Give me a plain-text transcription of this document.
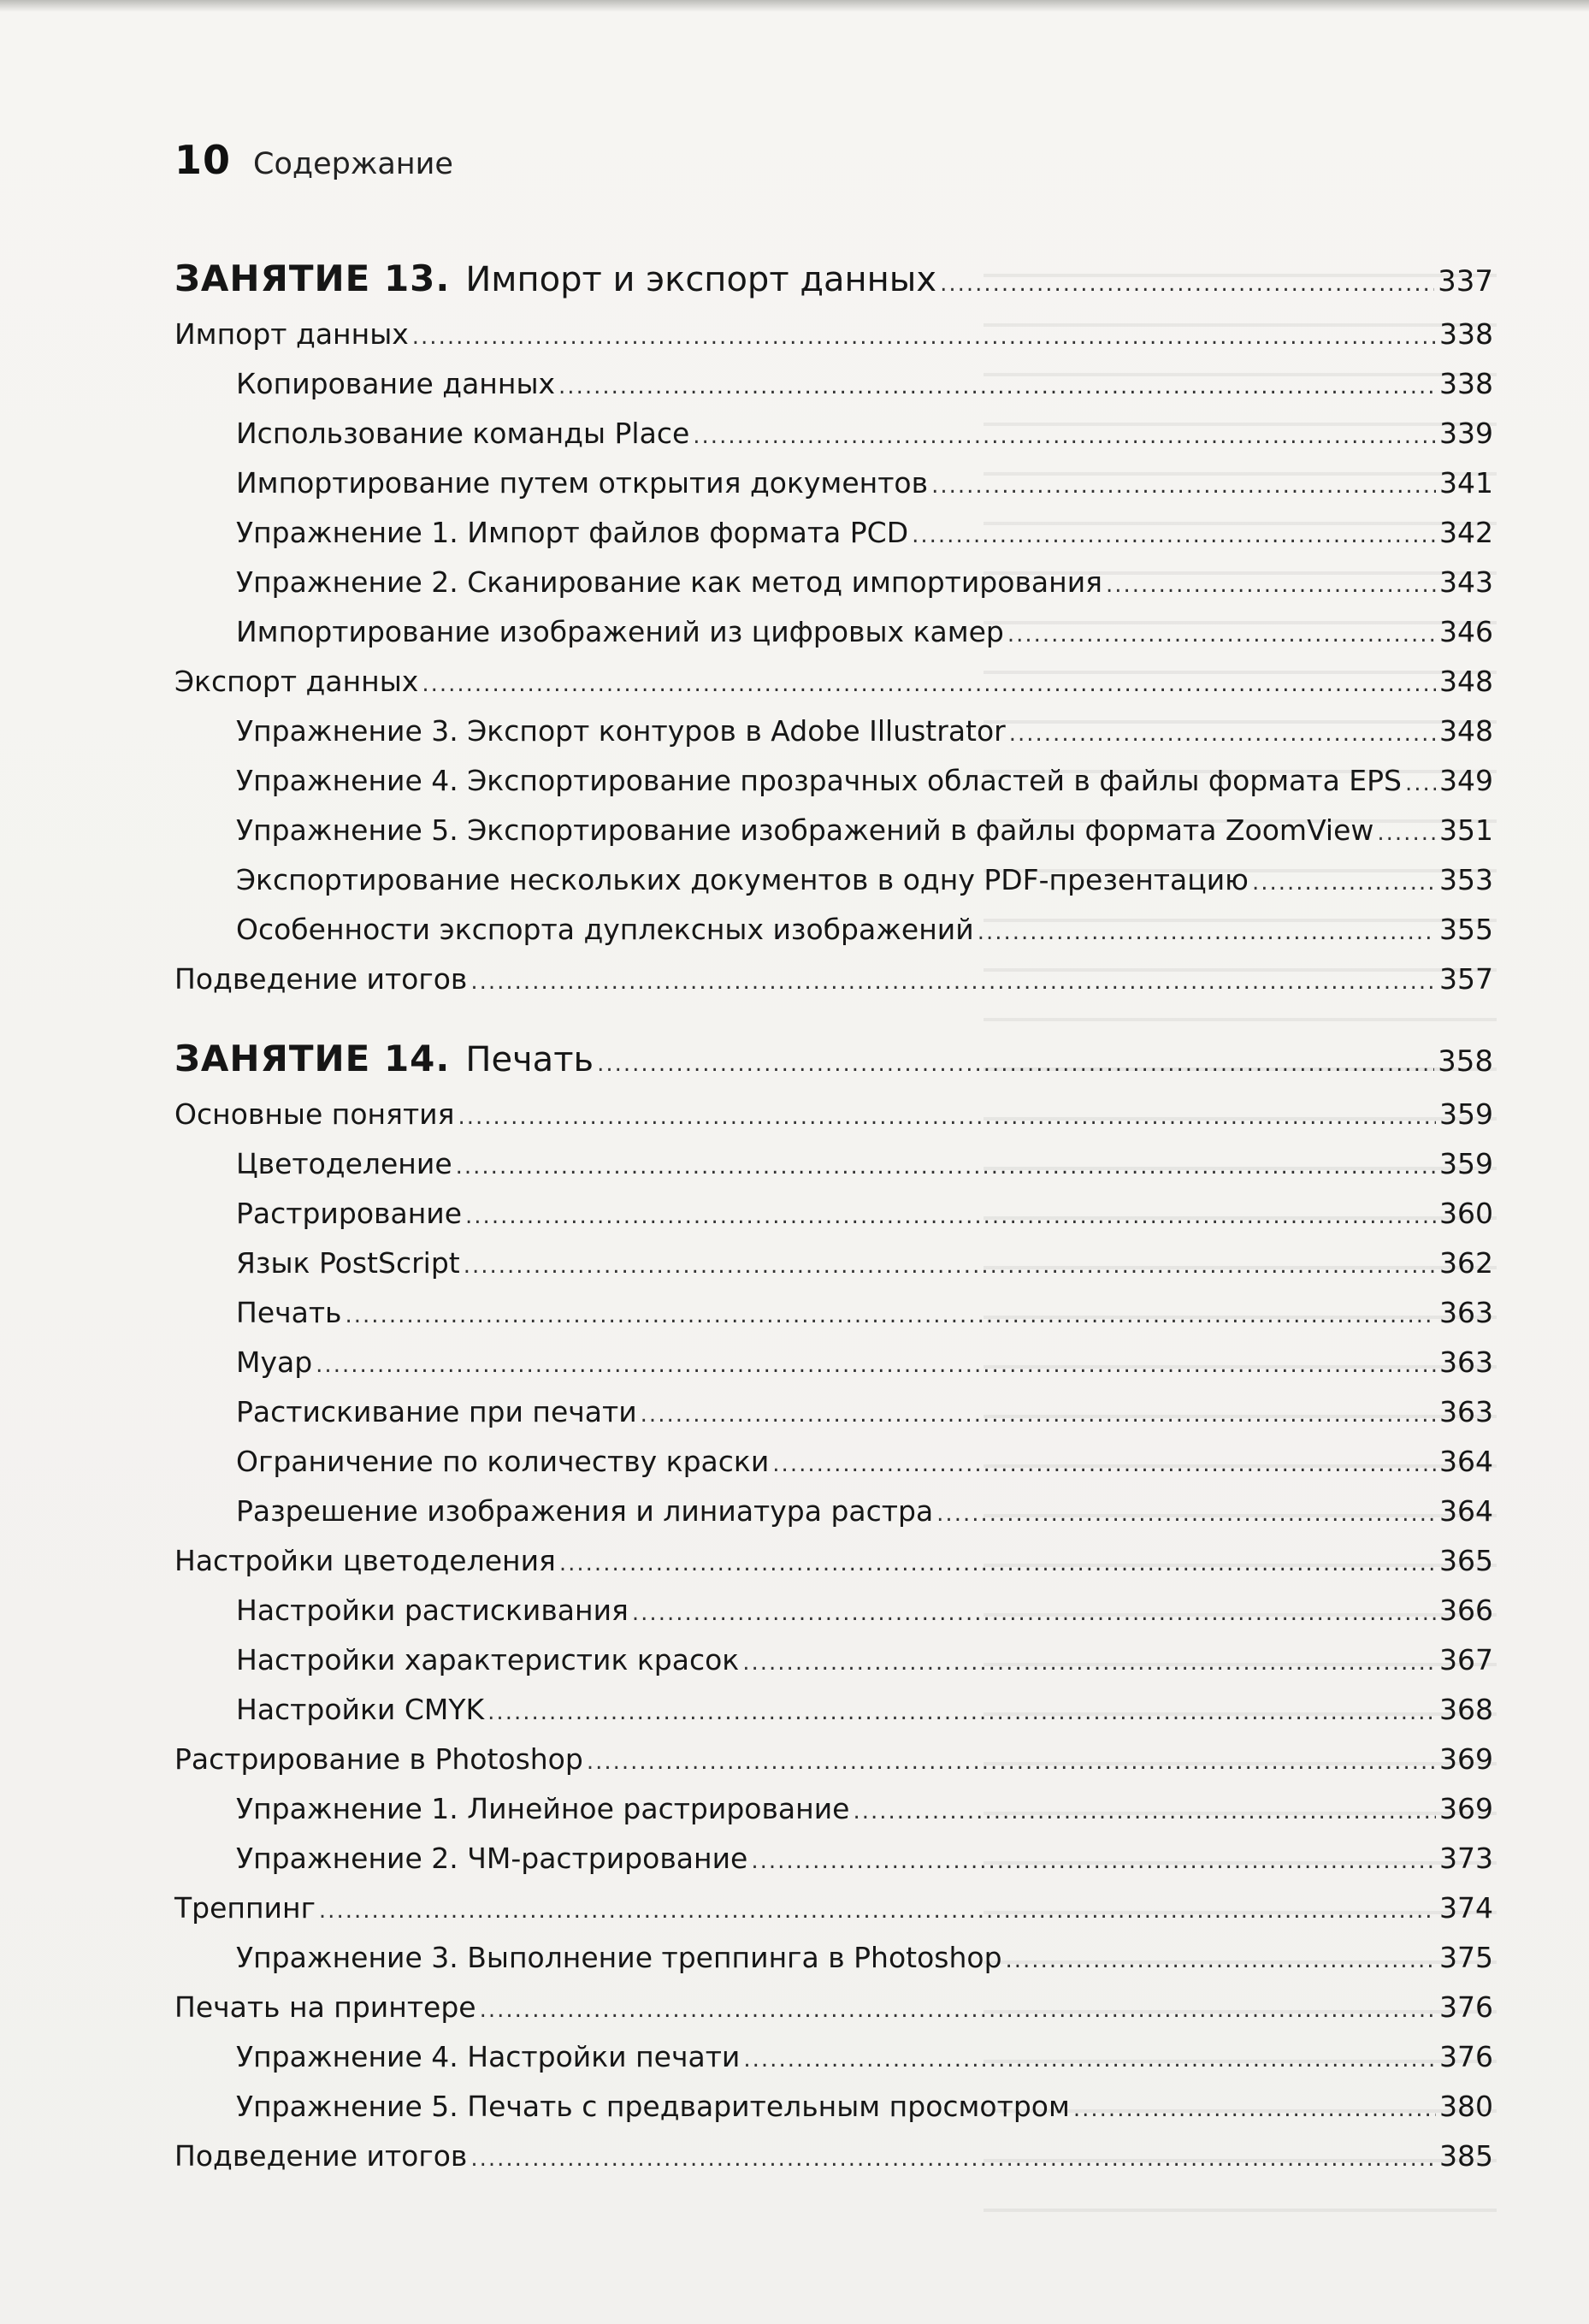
10 Содержание
ЗАНЯТИЕ 13. Импорт и экспорт данных .....	337
Импорт данных .....	338
Копирование данных .....	338
Использование команды Place .....	339
Импортирование путем открытия документов .....	341
Упражнение 1. Импорт файлов формата PCD .....	342
Упражнение 2. Сканирование как метод импортирования .....	343
Импортирование изображений из цифровых камер .....	346
Экспорт данных .....	348
Упражнение 3. Экспорт контуров в Adobe Illustrator .....	348
Упражнение 4. Экспортирование прозрачных областей в файлы формата EPS ..... 349
Упражнение 5. Экспортирование изображений в файлы формата ZoomView ..... 351
Экспортирование нескольких документов в одну PDF-презентацию .....	353
Особенности экспорта дуплексных изображений .....	355
Подведение итогов .....	357
ЗАНЯТИЕ 14. Печать .....	358
Основные понятия .....	359
Цветоделение .....	359
Растрирование .....	360
Язык PostScript .....	362
Печать .....	363
Муар .....	363
Растискивание при печати .....	363
Ограничение по количеству краски .....	364
Разрешение изображения и линиатура растра .....	364
Настройки цветоделения .....	365
Настройки растискивания .....	366
Настройки характеристик красок .....	367
Настройки CMYK .....	368
Растрирование в Photoshop .....	369
Упражнение 1. Линейное растрирование .....	369
Упражнение 2. ЧМ-растрирование .....	373
Треппинг .....	374
Упражнение 3. Выполнение треппинга в Photoshop .....	375
Печать на принтере .....	376
Упражнение 4. Настройки печати .....	376
Упражнение 5. Печать с предварительным просмотром .....	380
Подведение итогов .....	385
